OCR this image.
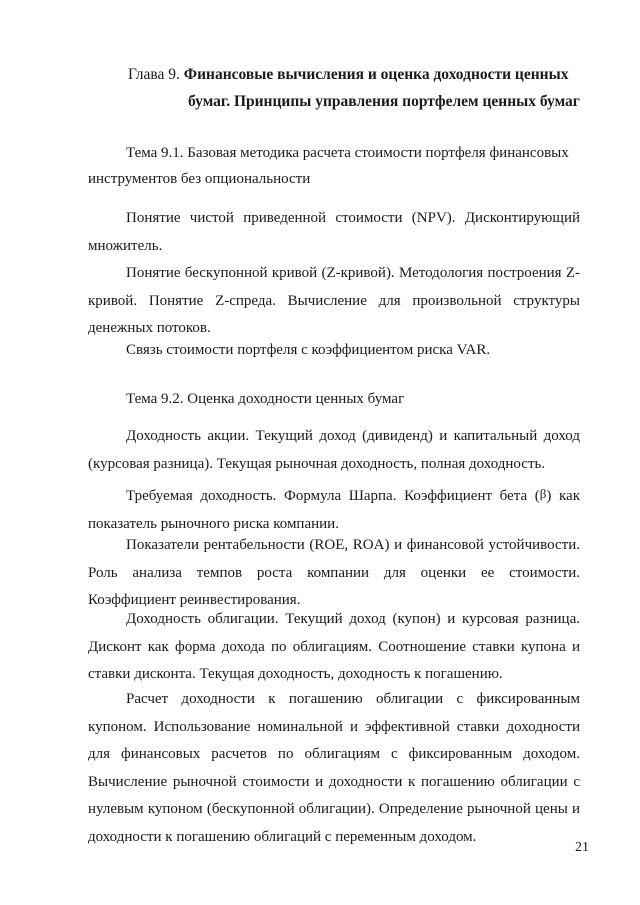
Глава 9. Финансовые вычисления и оценка доходности ценных
бумаг. Принципы управления портфелем ценных бумаг
Тема 9.1. Базовая методика расчета стоимости портфеля финансовых инструментов без опциональности
Понятие чистой приведенной стоимости (NPV). Дисконтирующий множитель.
Понятие бескупонной кривой (Z-кривой). Методология построения Z-кривой. Понятие Z-спреда. Вычисление для произвольной структуры денежных потоков.
Связь стоимости портфеля с коэффициентом риска VAR.
Тема 9.2. Оценка доходности ценных бумаг
Доходность акции. Текущий доход (дивиденд) и капитальный доход (курсовая разница). Текущая рыночная доходность, полная доходность.
Требуемая доходность. Формула Шарпа. Коэффициент бета (β) как показатель рыночного риска компании.
Показатели рентабельности (ROE, ROA) и финансовой устойчивости. Роль анализа темпов роста компании для оценки ее стоимости. Коэффициент реинвестирования.
Доходность облигации. Текущий доход (купон) и курсовая разница. Дисконт как форма дохода по облигациям. Соотношение ставки купона и ставки дисконта. Текущая доходность, доходность к погашению.
Расчет доходности к погашению облигации с фиксированным купоном. Использование номинальной и эффективной ставки доходности для финансовых расчетов по облигациям с фиксированным доходом. Вычисление рыночной стоимости и доходности к погашению облигации с нулевым купоном (бескупонной облигации). Определение рыночной цены и доходности к погашению облигаций с переменным доходом.
21
